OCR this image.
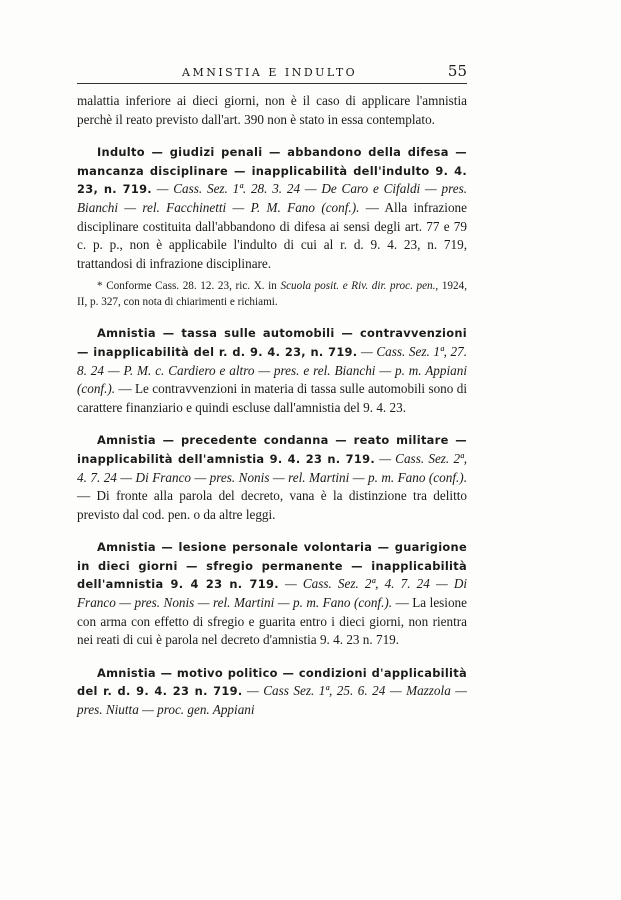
AMNISTIA E INDULTO	55

malattia inferiore ai dieci giorni, non è il caso di applicare l'amnistia perchè il reato previsto dall'art. 390 non è stato in essa contemplato.

Indulto — giudizi penali — abbandono della difesa — mancanza disciplinare — inapplicabilità dell'indulto 9. 4. 23, n. 719. — Cass. Sez. 1ª. 28. 3. 24 — De Caro e Cifaldi — pres. Bianchi — rel. Facchinetti — P. M. Fano (conf.). — Alla infrazione disciplinare costituita dall'abbandono di difesa ai sensi degli art. 77 e 79 c. p. p., non è applicabile l'indulto di cui al r. d. 9. 4. 23, n. 719, trattandosi di infrazione disciplinare.

* Conforme Cass. 28. 12. 23, ric. X. in Scuola posit. e Riv. dir. proc. pen., 1924, II, p. 327, con nota di chiarimenti e richiami.

Amnistia — tassa sulle automobili — contravvenzioni — inapplicabilità del r. d. 9. 4. 23, n. 719. — Cass. Sez. 1ª, 27. 8. 24 — P. M. c. Cardiero e altro — pres. e rel. Bianchi — p. m. Appiani (conf.). — Le contravvenzioni in materia di tassa sulle automobili sono di carattere finanziario e quindi escluse dall'amnistia del 9. 4. 23.

Amnistia — precedente condanna — reato militare — inapplicabilità dell'amnistia 9. 4. 23 n. 719. — Cass. Sez. 2ª, 4. 7. 24 — Di Franco — pres. Nonis — rel. Martini — p. m. Fano (conf.). — Di fronte alla parola del decreto, vana è la distinzione tra delitto previsto dal cod. pen. o da altre leggi.

Amnistia — lesione personale volontaria — guarigione in dieci giorni — sfregio permanente — inapplicabilità dell'amnistia 9. 4 23 n. 719. — Cass. Sez. 2ª, 4. 7. 24 — Di Franco — pres. Nonis — rel. Martini — p. m. Fano (conf.). — La lesione con arma con effetto di sfregio e guarita entro i dieci giorni, non rientra nei reati di cui è parola nel decreto d'amnistia 9. 4. 23 n. 719.

Amnistia — motivo politico — condizioni d'applicabilità del r. d. 9. 4. 23 n. 719. — Cass Sez. 1ª, 25. 6. 24 — Mazzola — pres. Niutta — proc. gen. Appiani
